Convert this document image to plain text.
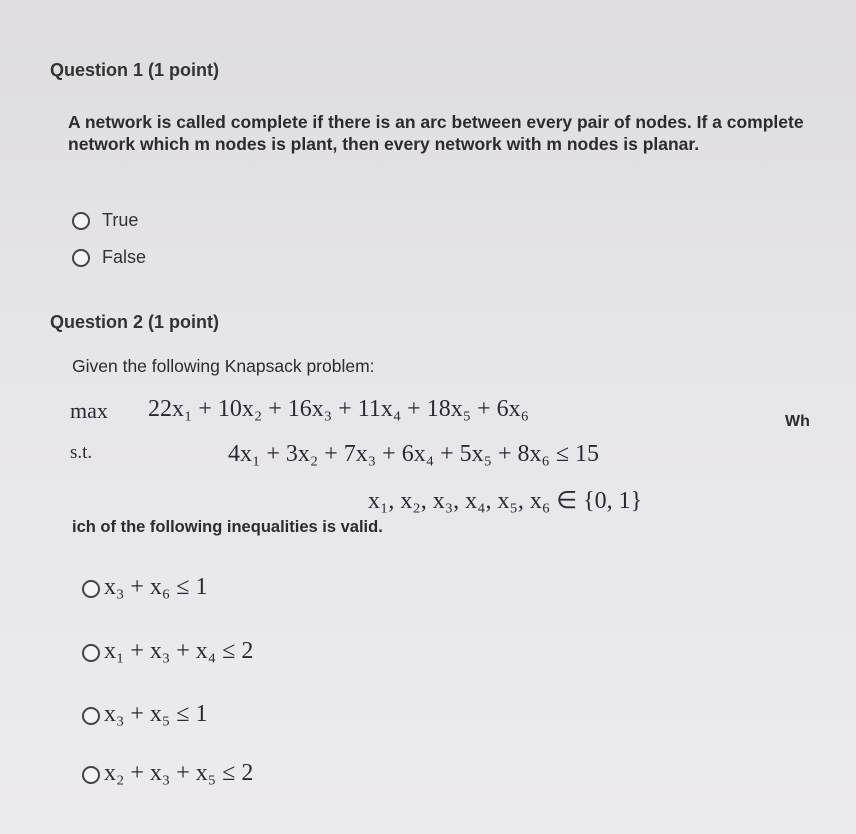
Question 1 (1 point)
A network is called complete if there is an arc between every pair of nodes. If a complete network which m nodes is plant, then every network with m nodes is planar.
True
False
Question 2 (1 point)
Given the following Knapsack problem:
max 22x₁ + 10x₂ + 16x₃ + 11x₄ + 18x₅ + 6x₆	Wh
s.t.	4x₁ + 3x₂ + 7x₃ + 6x₄ + 5x₅ + 8x₆ ≤ 15
x₁, x₂, x₃, x₄, x₅, x₆ ∈ {0, 1}
ich of the following inequalities is valid.
x₃ + x₆ ≤ 1
x₁ + x₃ + x₄ ≤ 2
x₃ + x₅ ≤ 1
x₂ + x₃ + x₅ ≤ 2
